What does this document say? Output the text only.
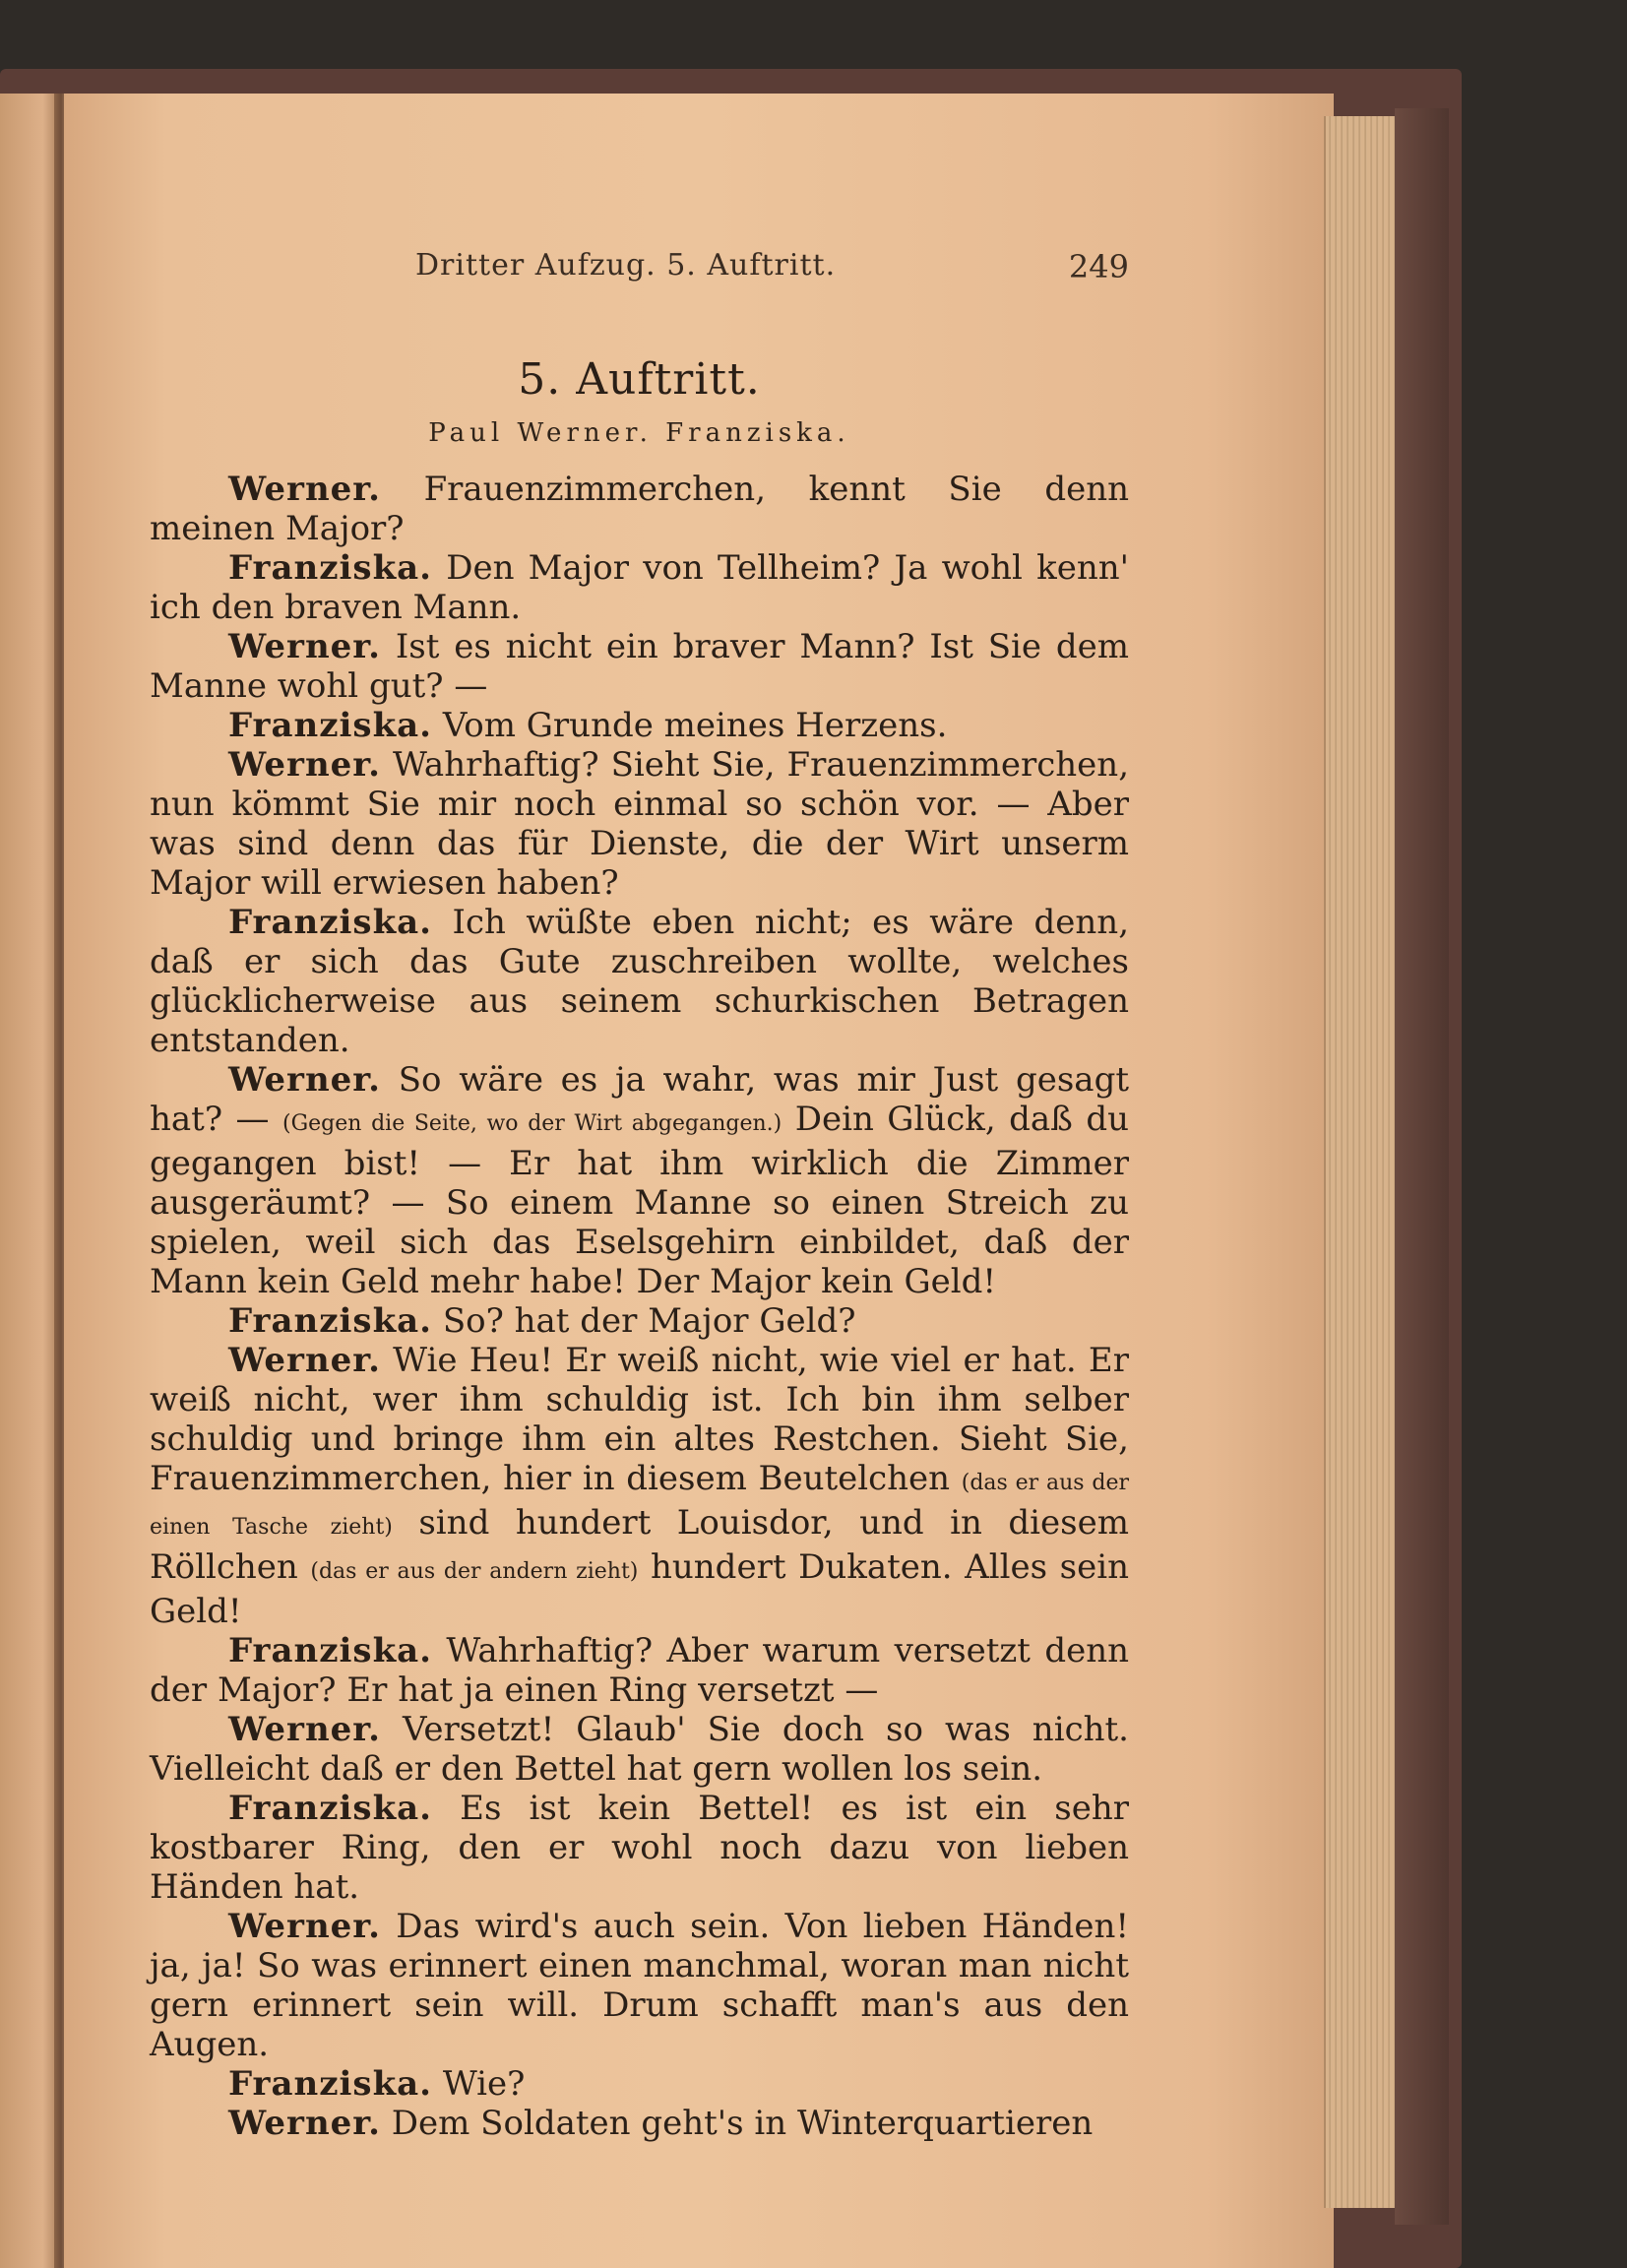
Dritter Aufzug. 5. Auftritt.	249
5. Auftritt.
Paul Werner. Franziska.

Werner. Frauenzimmerchen, kennt Sie denn meinen Major?

Franziska. Den Major von Tellheim? Ja wohl kenn' ich den braven Mann.

Werner. Ist es nicht ein braver Mann? Ist Sie dem Manne wohl gut? —

Franziska. Vom Grunde meines Herzens.

Werner. Wahrhaftig? Sieht Sie, Frauenzimmerchen, nun kömmt Sie mir noch einmal so schön vor. — Aber was sind denn das für Dienste, die der Wirt unserm Major will erwiesen haben?

Franziska. Ich wüßte eben nicht; es wäre denn, daß er sich das Gute zuschreiben wollte, welches glücklicherweise aus seinem schurkischen Betragen entstanden.

Werner. So wäre es ja wahr, was mir Just gesagt hat? — (Gegen die Seite, wo der Wirt abgegangen.) Dein Glück, daß du gegangen bist! — Er hat ihm wirklich die Zimmer ausgeräumt? — So einem Manne so einen Streich zu spielen, weil sich das Eselsgehirn einbildet, daß der Mann kein Geld mehr habe! Der Major kein Geld!

Franziska. So? hat der Major Geld?

Werner. Wie Heu! Er weiß nicht, wie viel er hat. Er weiß nicht, wer ihm schuldig ist. Ich bin ihm selber schuldig und bringe ihm ein altes Restchen. Sieht Sie, Frauenzimmerchen, hier in diesem Beutelchen (das er aus der einen Tasche zieht) sind hundert Louisdor, und in diesem Röllchen (das er aus der andern zieht) hundert Dukaten. Alles sein Geld!

Franziska. Wahrhaftig? Aber warum versetzt denn der Major? Er hat ja einen Ring versetzt —

Werner. Versetzt! Glaub' Sie doch so was nicht. Vielleicht daß er den Bettel hat gern wollen los sein.

Franziska. Es ist kein Bettel! es ist ein sehr kostbarer Ring, den er wohl noch dazu von lieben Händen hat.

Werner. Das wird's auch sein. Von lieben Händen! ja, ja! So was erinnert einen manchmal, woran man nicht gern erinnert sein will. Drum schafft man's aus den Augen.

Franziska. Wie?

Werner. Dem Soldaten geht's in Winterquartieren
